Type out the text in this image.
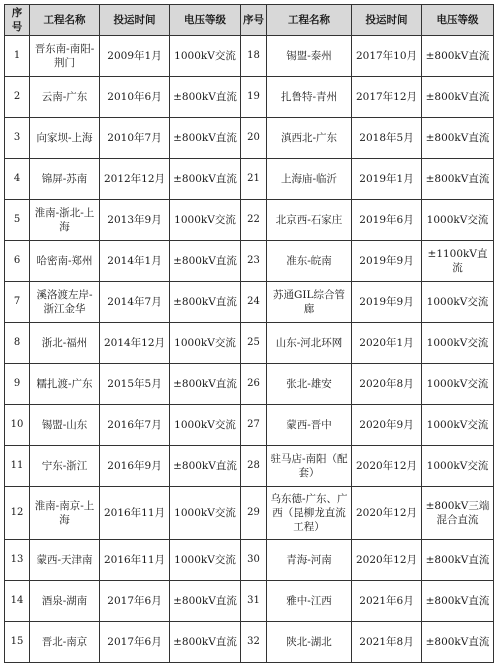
序号	工程名称	投运时间	电压等级	序号	工程名称	投运时间	电压等级
1	晋东南-南阳-荆门	2009年1月	1000kV交流	18	锡盟-泰州	2017年10月	±800kV直流
2	云南-广东	2010年6月	±800kV直流	19	扎鲁特-青州	2017年12月	±800kV直流
3	向家坝-上海	2010年7月	±800kV直流	20	滇西北-广东	2018年5月	±800kV直流
4	锦屏-苏南	2012年12月	±800kV直流	21	上海庙-临沂	2019年1月	±800kV直流
5	淮南-浙北-上海	2013年9月	1000kV交流	22	北京西-石家庄	2019年6月	1000kV交流
6	哈密南-郑州	2014年1月	±800kV直流	23	准东-皖南	2019年9月	±1100kV直流
7	溪洛渡左岸-浙江金华	2014年7月	±800kV直流	24	苏通GIL综合管廊	2019年9月	1000kV交流
8	浙北-福州	2014年12月	1000kV交流	25	山东-河北环网	2020年1月	1000kV交流
9	糯扎渡-广东	2015年5月	±800kV直流	26	张北-雄安	2020年8月	1000kV交流
10	锡盟-山东	2016年7月	1000kV交流	27	蒙西-晋中	2020年9月	1000kV交流
11	宁东-浙江	2016年9月	±800kV直流	28	驻马店-南阳（配套）	2020年12月	1000kV交流
12	淮南-南京-上海	2016年11月	1000kV交流	29	乌东德-广东、广西（昆柳龙直流工程）	2020年12月	±800kV三端混合直流
13	蒙西-天津南	2016年11月	1000kV交流	30	青海-河南	2020年12月	±800kV直流
14	酒泉-湖南	2017年6月	±800kV直流	31	雅中-江西	2021年6月	±800kV直流
15	晋北-南京	2017年6月	±800kV直流	32	陕北-湖北	2021年8月	±800kV直流
